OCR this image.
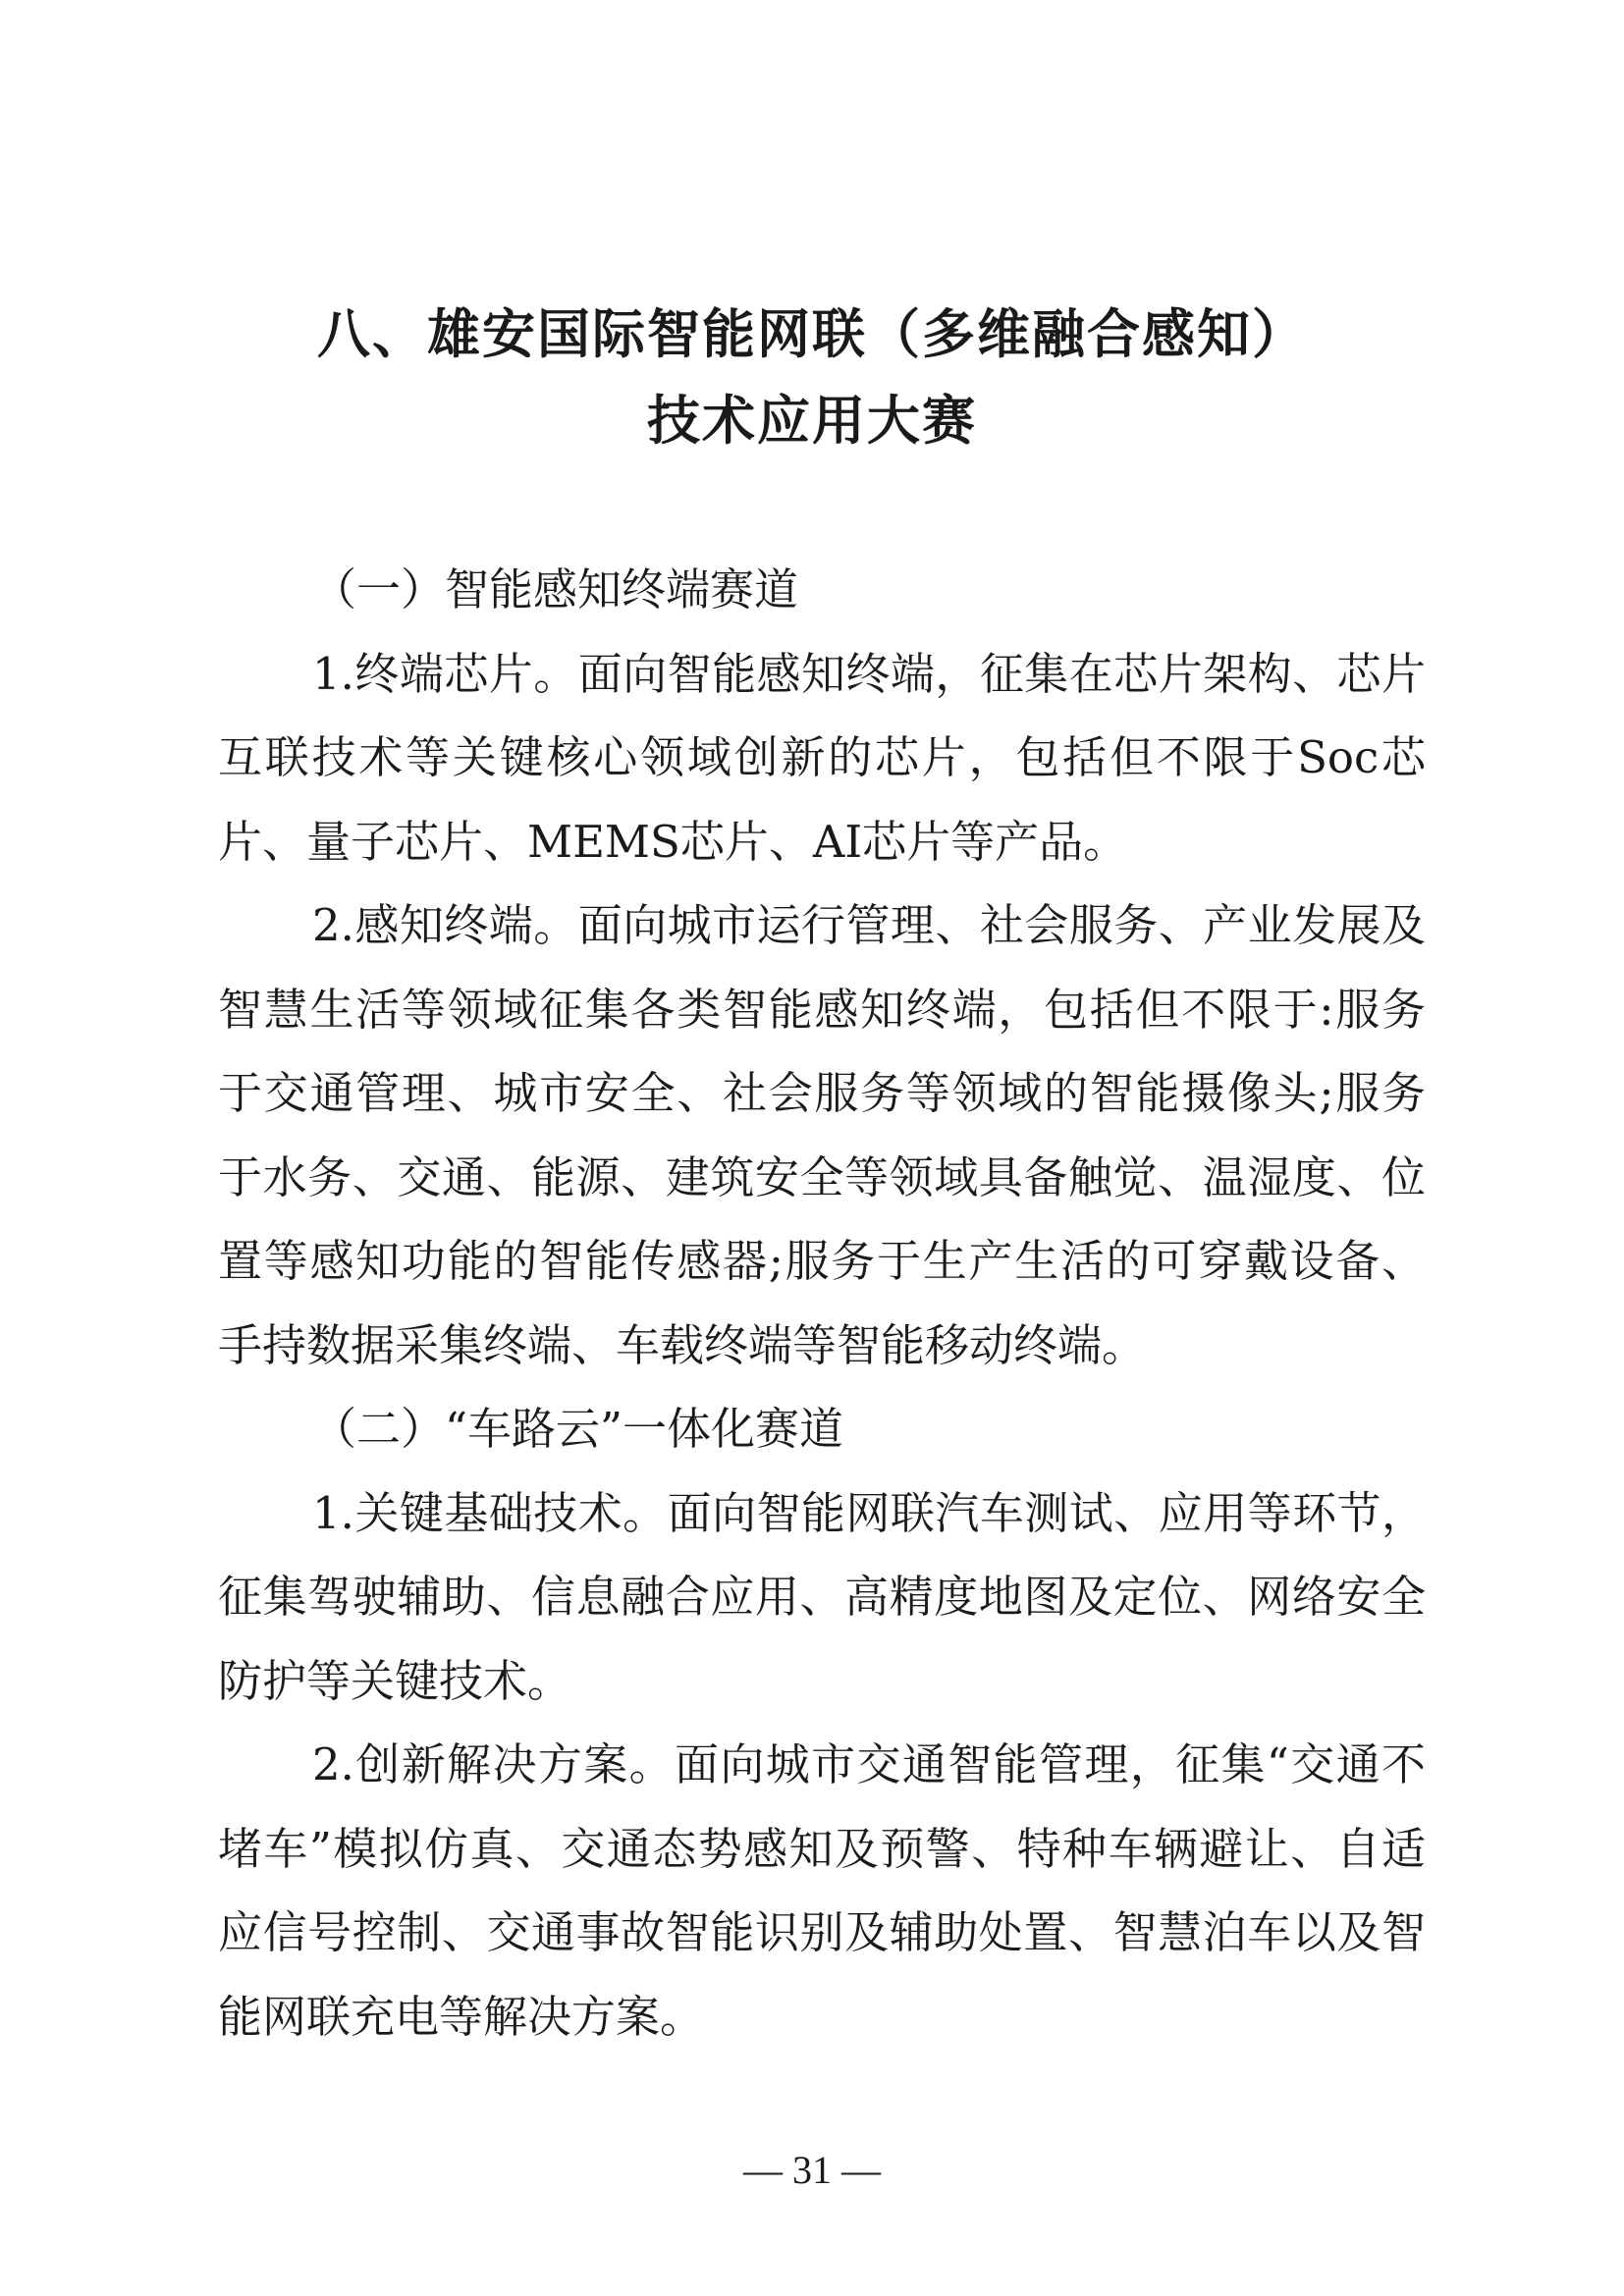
八、雄安国际智能网联（多维融合感知）
技术应用大赛
（一）智能感知终端赛道

1.终端芯片。面向智能感知终端，征集在芯片架构、芯片互联技术等关键核心领域创新的芯片，包括但不限于Soc芯片、量子芯片、MEMS芯片、AI芯片等产品。

2.感知终端。面向城市运行管理、社会服务、产业发展及智慧生活等领域征集各类智能感知终端，包括但不限于:服务于交通管理、城市安全、社会服务等领域的智能摄像头;服务于水务、交通、能源、建筑安全等领域具备触觉、温湿度、位置等感知功能的智能传感器;服务于生产生活的可穿戴设备、手持数据采集终端、车载终端等智能移动终端。

（二）“车路云”一体化赛道

1.关键基础技术。面向智能网联汽车测试、应用等环节，征集驾驶辅助、信息融合应用、高精度地图及定位、网络安全防护等关键技术。

2.创新解决方案。面向城市交通智能管理，征集“交通不堵车”模拟仿真、交通态势感知及预警、特种车辆避让、自适应信号控制、交通事故智能识别及辅助处置、智慧泊车以及智能网联充电等解决方案。

— 31 —
